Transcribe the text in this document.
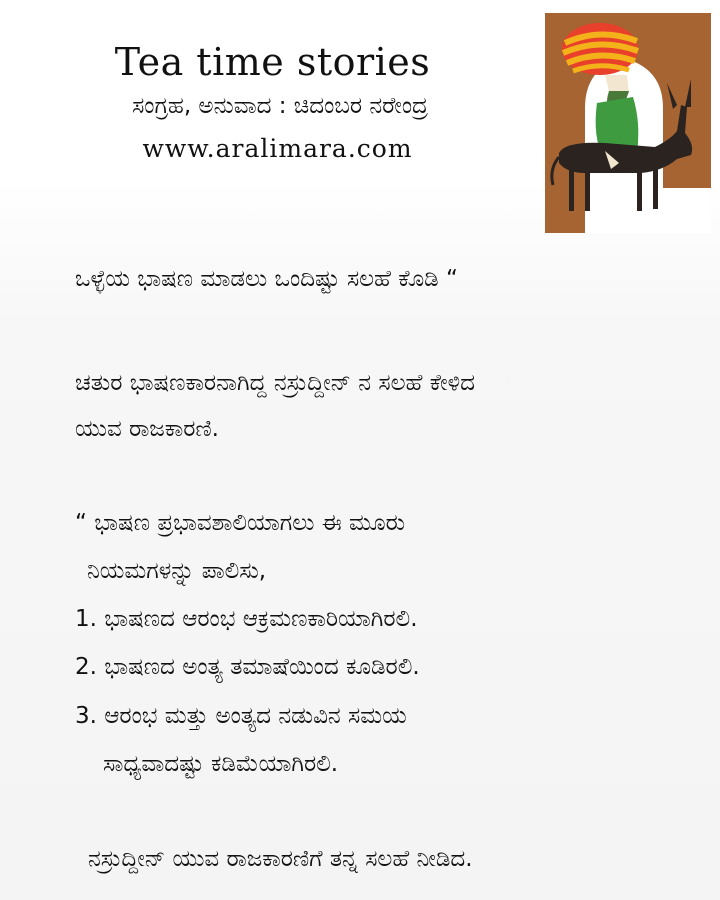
Tea time stories
ಸಂಗ್ರಹ, ಅನುವಾದ : ಚಿದಂಬರ ನರೇಂದ್ರ
www.aralimara.com
ಒಳ್ಳೆಯ ಭಾಷಣ ಮಾಡಲು ಒಂದಿಷ್ಟು ಸಲಹೆ ಕೊಡಿ “
ಚತುರ ಭಾಷಣಕಾರನಾಗಿದ್ದ ನಸ್ರುದ್ದೀನ್ ನ ಸಲಹೆ ಕೇಳಿದ
ಯುವ ರಾಜಕಾರಣಿ.
“ ಭಾಷಣ ಪ್ರಭಾವಶಾಲಿಯಾಗಲು ಈ ಮೂರು
ನಿಯಮಗಳನ್ನು ಪಾಲಿಸು,
1. ಭಾಷಣದ ಆರಂಭ ಆಕ್ರಮಣಕಾರಿಯಾಗಿರಲಿ.
2. ಭಾಷಣದ ಅಂತ್ಯ ತಮಾಷೆಯಿಂದ ಕೂಡಿರಲಿ.
3. ಆರಂಭ ಮತ್ತು ಅಂತ್ಯದ ನಡುವಿನ ಸಮಯ
ಸಾಧ್ಯವಾದಷ್ಟು ಕಡಿಮೆಯಾಗಿರಲಿ.
ನಸ್ರುದ್ದೀನ್ ಯುವ ರಾಜಕಾರಣಿಗೆ ತನ್ನ ಸಲಹೆ ನೀಡಿದ.
